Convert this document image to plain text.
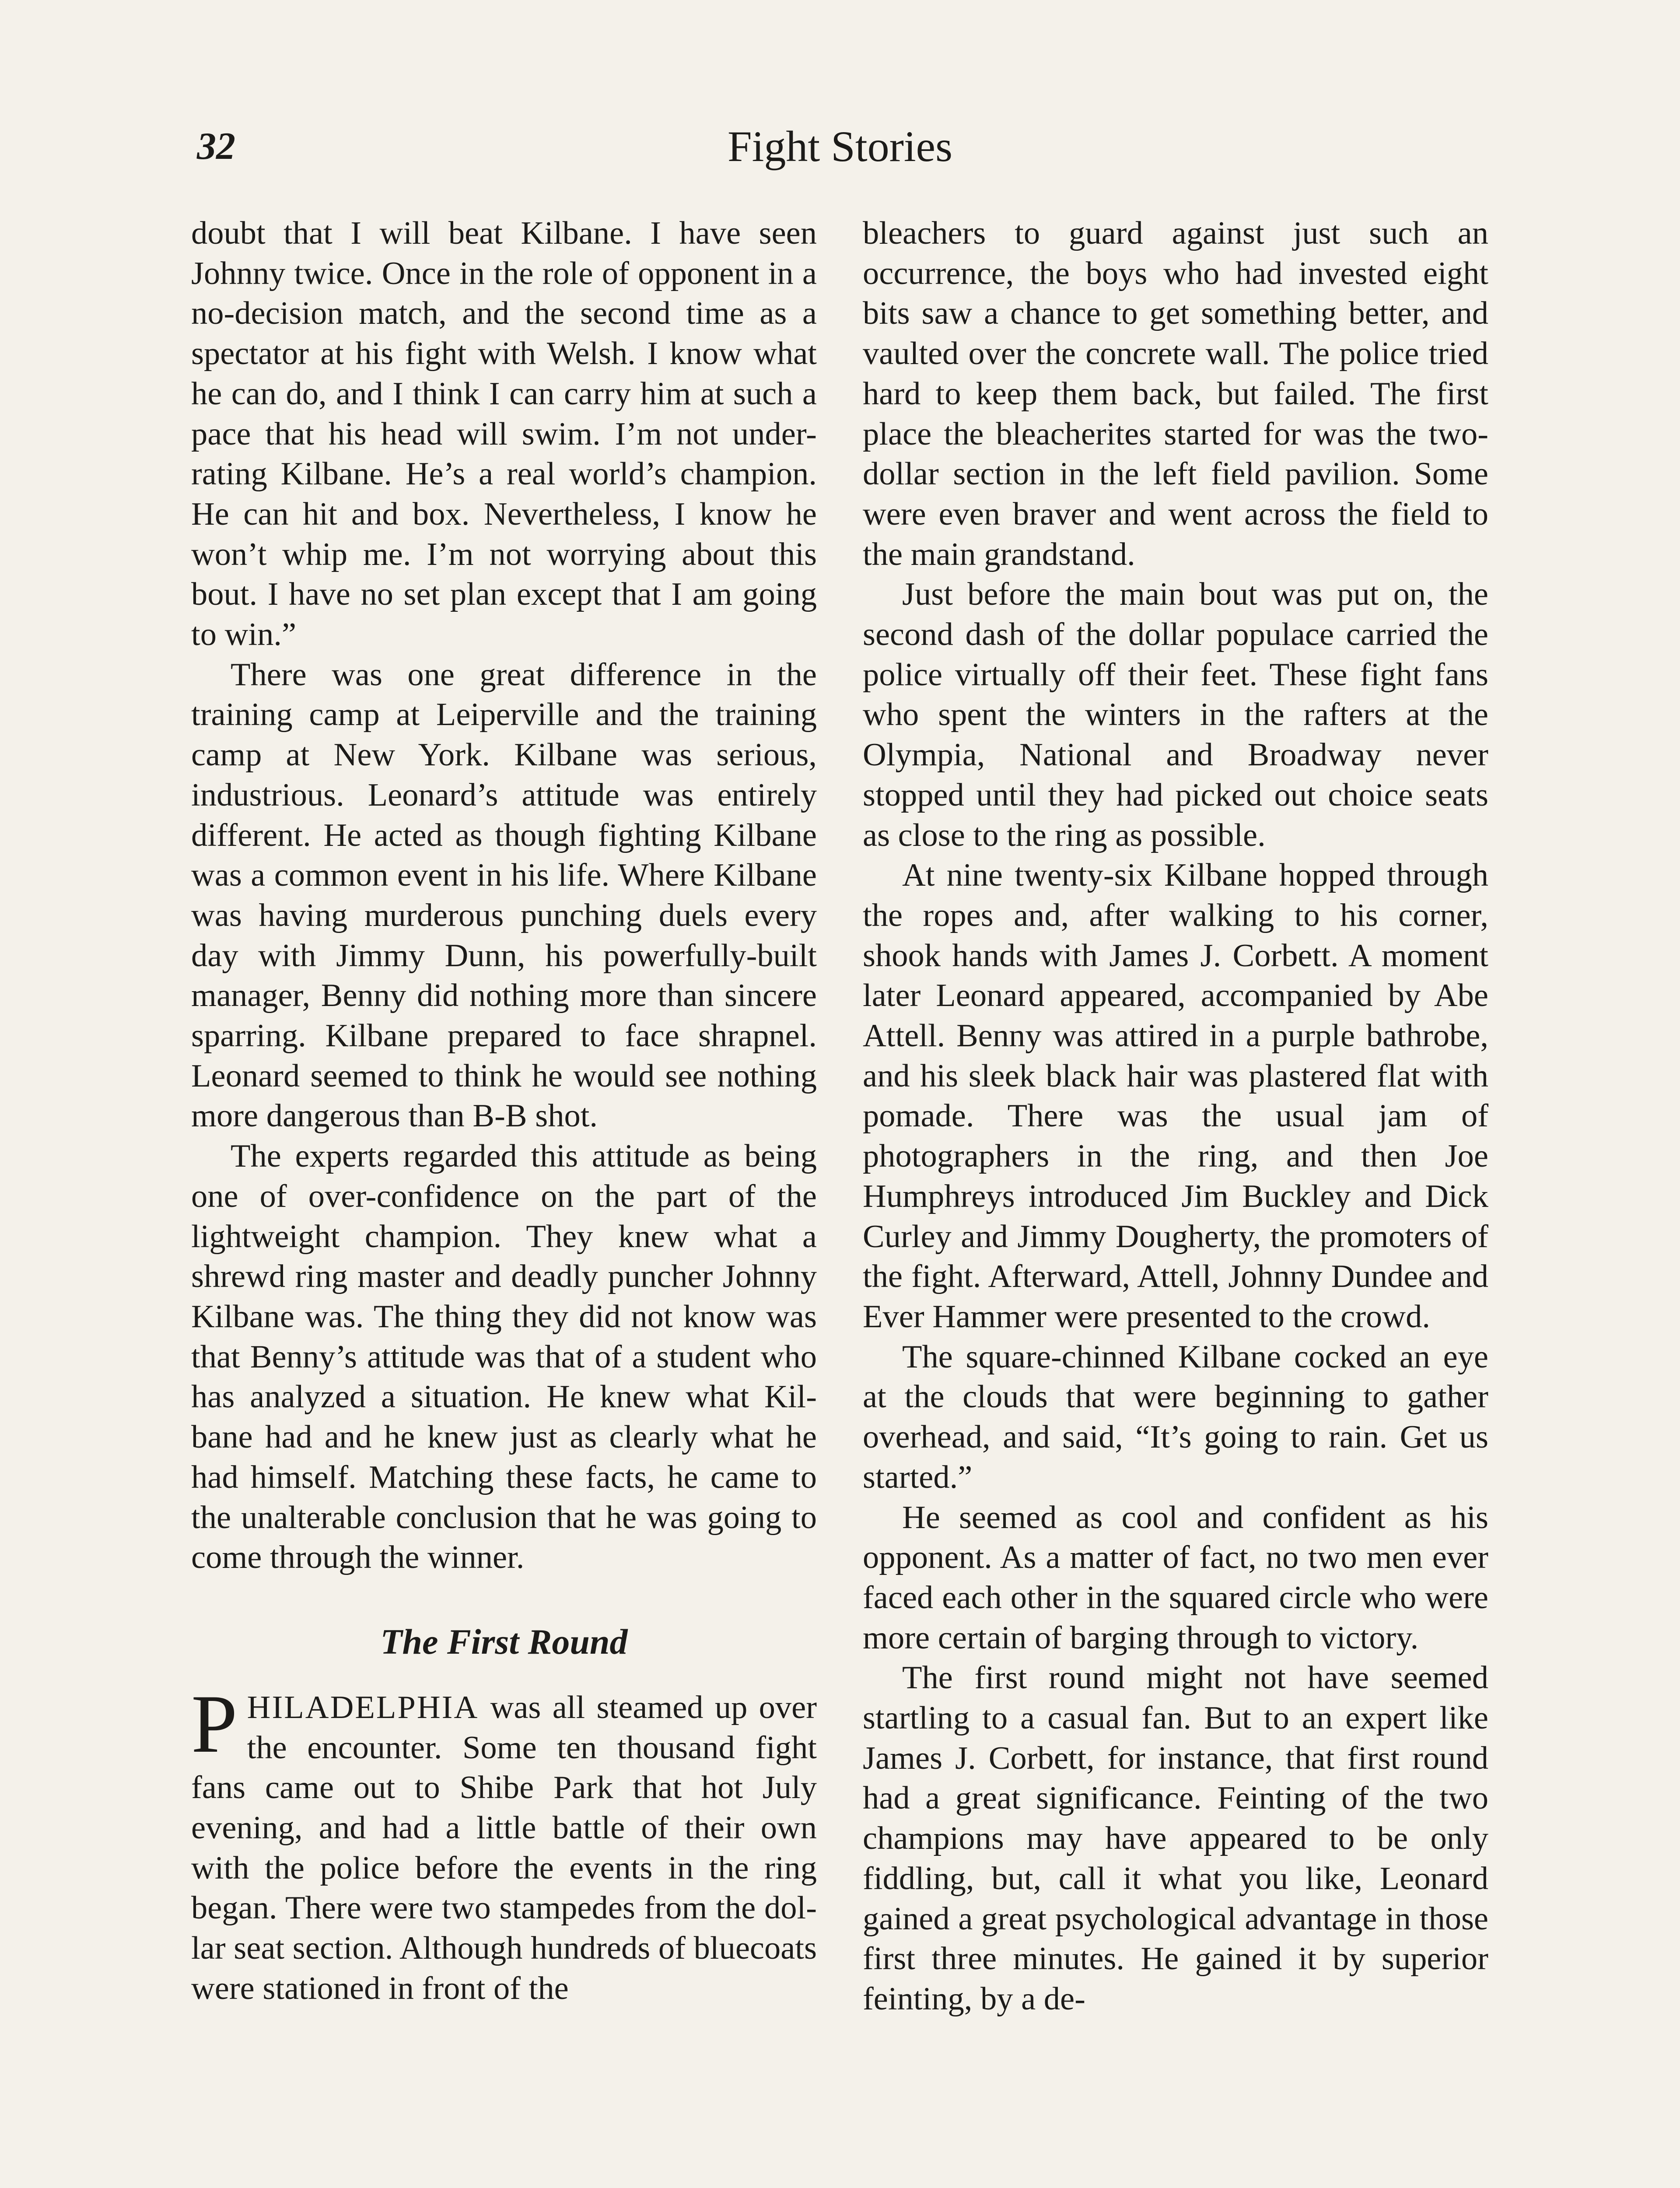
32	Fight Stories

doubt that I will beat Kilbane. I have seen Johnny twice. Once in the role of opponent in a no-decision match, and the second time as a spectator at his fight with Welsh. I know what he can do, and I think I can carry him at such a pace that his head will swim. I’m not under-rating Kilbane. He’s a real world’s champion. He can hit and box. Nevertheless, I know he won’t whip me. I’m not worrying about this bout. I have no set plan except that I am going to win.”

There was one great difference in the training camp at Leiperville and the training camp at New York. Kilbane was serious, industrious. Leonard’s attitude was entirely different. He acted as though fighting Kilbane was a common event in his life. Where Kilbane was having murderous punching duels every day with Jimmy Dunn, his powerfully-built manager, Benny did nothing more than sincere sparring. Kilbane prepared to face shrapnel. Leonard seemed to think he would see nothing more dangerous than B-B shot.

The experts regarded this attitude as being one of over-confidence on the part of the lightweight champion. They knew what a shrewd ring master and deadly puncher Johnny Kilbane was. The thing they did not know was that Benny’s attitude was that of a student who has analyzed a situation. He knew what Kilbane had and he knew just as clearly what he had himself. Matching these facts, he came to the unalterable conclusion that he was going to come through the winner.

The First Round

PHILADELPHIA was all steamed up over the encounter. Some ten thousand fight fans came out to Shibe Park that hot July evening, and had a little battle of their own with the police before the events in the ring began. There were two stampedes from the dollar seat section. Although hundreds of bluecoats were stationed in front of the

bleachers to guard against just such an occurrence, the boys who had invested eight bits saw a chance to get something better, and vaulted over the concrete wall. The police tried hard to keep them back, but failed. The first place the bleacherites started for was the two-dollar section in the left field pavilion. Some were even braver and went across the field to the main grandstand.

Just before the main bout was put on, the second dash of the dollar populace carried the police virtually off their feet. These fight fans who spent the winters in the rafters at the Olympia, National and Broadway never stopped until they had picked out choice seats as close to the ring as possible.

At nine twenty-six Kilbane hopped through the ropes and, after walking to his corner, shook hands with James J. Corbett. A moment later Leonard appeared, accompanied by Abe Attell. Benny was attired in a purple bathrobe, and his sleek black hair was plastered flat with pomade. There was the usual jam of photographers in the ring, and then Joe Humphreys introduced Jim Buckley and Dick Curley and Jimmy Dougherty, the promoters of the fight. Afterward, Attell, Johnny Dundee and Ever Hammer were presented to the crowd.

The square-chinned Kilbane cocked an eye at the clouds that were beginning to gather overhead, and said, “It’s going to rain. Get us started.”

He seemed as cool and confident as his opponent. As a matter of fact, no two men ever faced each other in the squared circle who were more certain of barging through to victory.

The first round might not have seemed startling to a casual fan. But to an expert like James J. Corbett, for instance, that first round had a great significance. Feinting of the two champions may have appeared to be only fiddling, but, call it what you like, Leonard gained a great psychological advantage in those first three minutes. He gained it by superior feinting, by a de-
